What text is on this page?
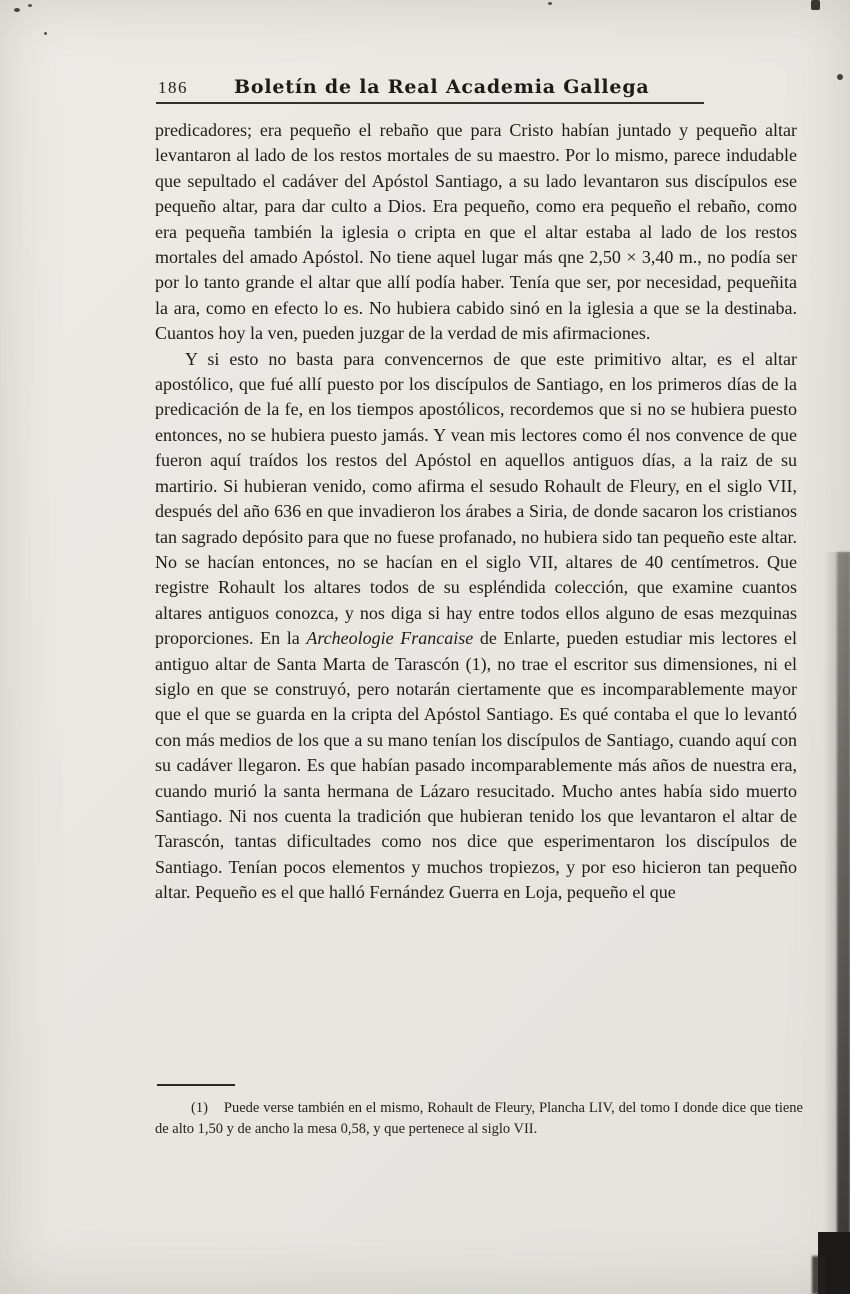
186 Boletín de la Real Academia Gallega

predicadores; era pequeño el rebaño que para Cristo habían juntado y pequeño altar levantaron al lado de los restos mortales de su maestro. Por lo mismo, parece indudable que sepultado el cadáver del Apóstol Santiago, a su lado levantaron sus discípulos ese pequeño altar, para dar culto a Dios. Era pequeño, como era pequeño el rebaño, como era pequeña también la iglesia o cripta en que el altar estaba al lado de los restos mortales del amado Apóstol. No tiene aquel lugar más qne 2,50 × 3,40 m., no podía ser por lo tanto grande el altar que allí podía haber. Tenía que ser, por necesidad, pequeñita la ara, como en efecto lo es. No hubiera cabido sinó en la iglesia a que se la destinaba. Cuantos hoy la ven, pueden juzgar de la verdad de mis afirmaciones.

Y si esto no basta para convencernos de que este primitivo altar, es el altar apostólico, que fué allí puesto por los discípulos de Santiago, en los primeros días de la predicación de la fe, en los tiempos apostólicos, recordemos que si no se hubiera puesto entonces, no se hubiera puesto jamás. Y vean mis lectores como él nos convence de que fueron aquí traídos los restos del Apóstol en aquellos antiguos días, a la raiz de su martirio. Si hubieran venido, como afirma el sesudo Rohault de Fleury, en el siglo VII, después del año 636 en que invadieron los árabes a Siria, de donde sacaron los cristianos tan sagrado depósito para que no fuese profanado, no hubiera sido tan pequeño este altar. No se hacían entonces, no se hacían en el siglo VII, altares de 40 centímetros. Que registre Rohault los altares todos de su espléndida colección, que examine cuantos altares antiguos conozca, y nos diga si hay entre todos ellos alguno de esas mezquinas proporciones. En la Archeologie Francaise de Enlarte, pueden estudiar mis lectores el antiguo altar de Santa Marta de Tarascón (1), no trae el escritor sus dimensiones, ni el siglo en que se construyó, pero notarán ciertamente que es incomparablemente mayor que el que se guarda en la cripta del Apóstol Santiago. Es qué contaba el que lo levantó con más medios de los que a su mano tenían los discípulos de Santiago, cuando aquí con su cadáver llegaron. Es que habían pasado incomparablemente más años de nuestra era, cuando murió la santa hermana de Lázaro resucitado. Mucho antes había sido muerto Santiago. Ni nos cuenta la tradición que hubieran tenido los que levantaron el altar de Tarascón, tantas dificultades como nos dice que esperimentaron los discípulos de Santiago. Tenían pocos elementos y muchos tropiezos, y por eso hicieron tan pequeño altar. Pequeño es el que halló Fernández Guerra en Loja, pequeño el que

(1) Puede verse también en el mismo, Rohault de Fleury, Plancha LIV, del tomo I donde dice que tiene de alto 1,50 y de ancho la mesa 0,58, y que pertenece al siglo VII.
